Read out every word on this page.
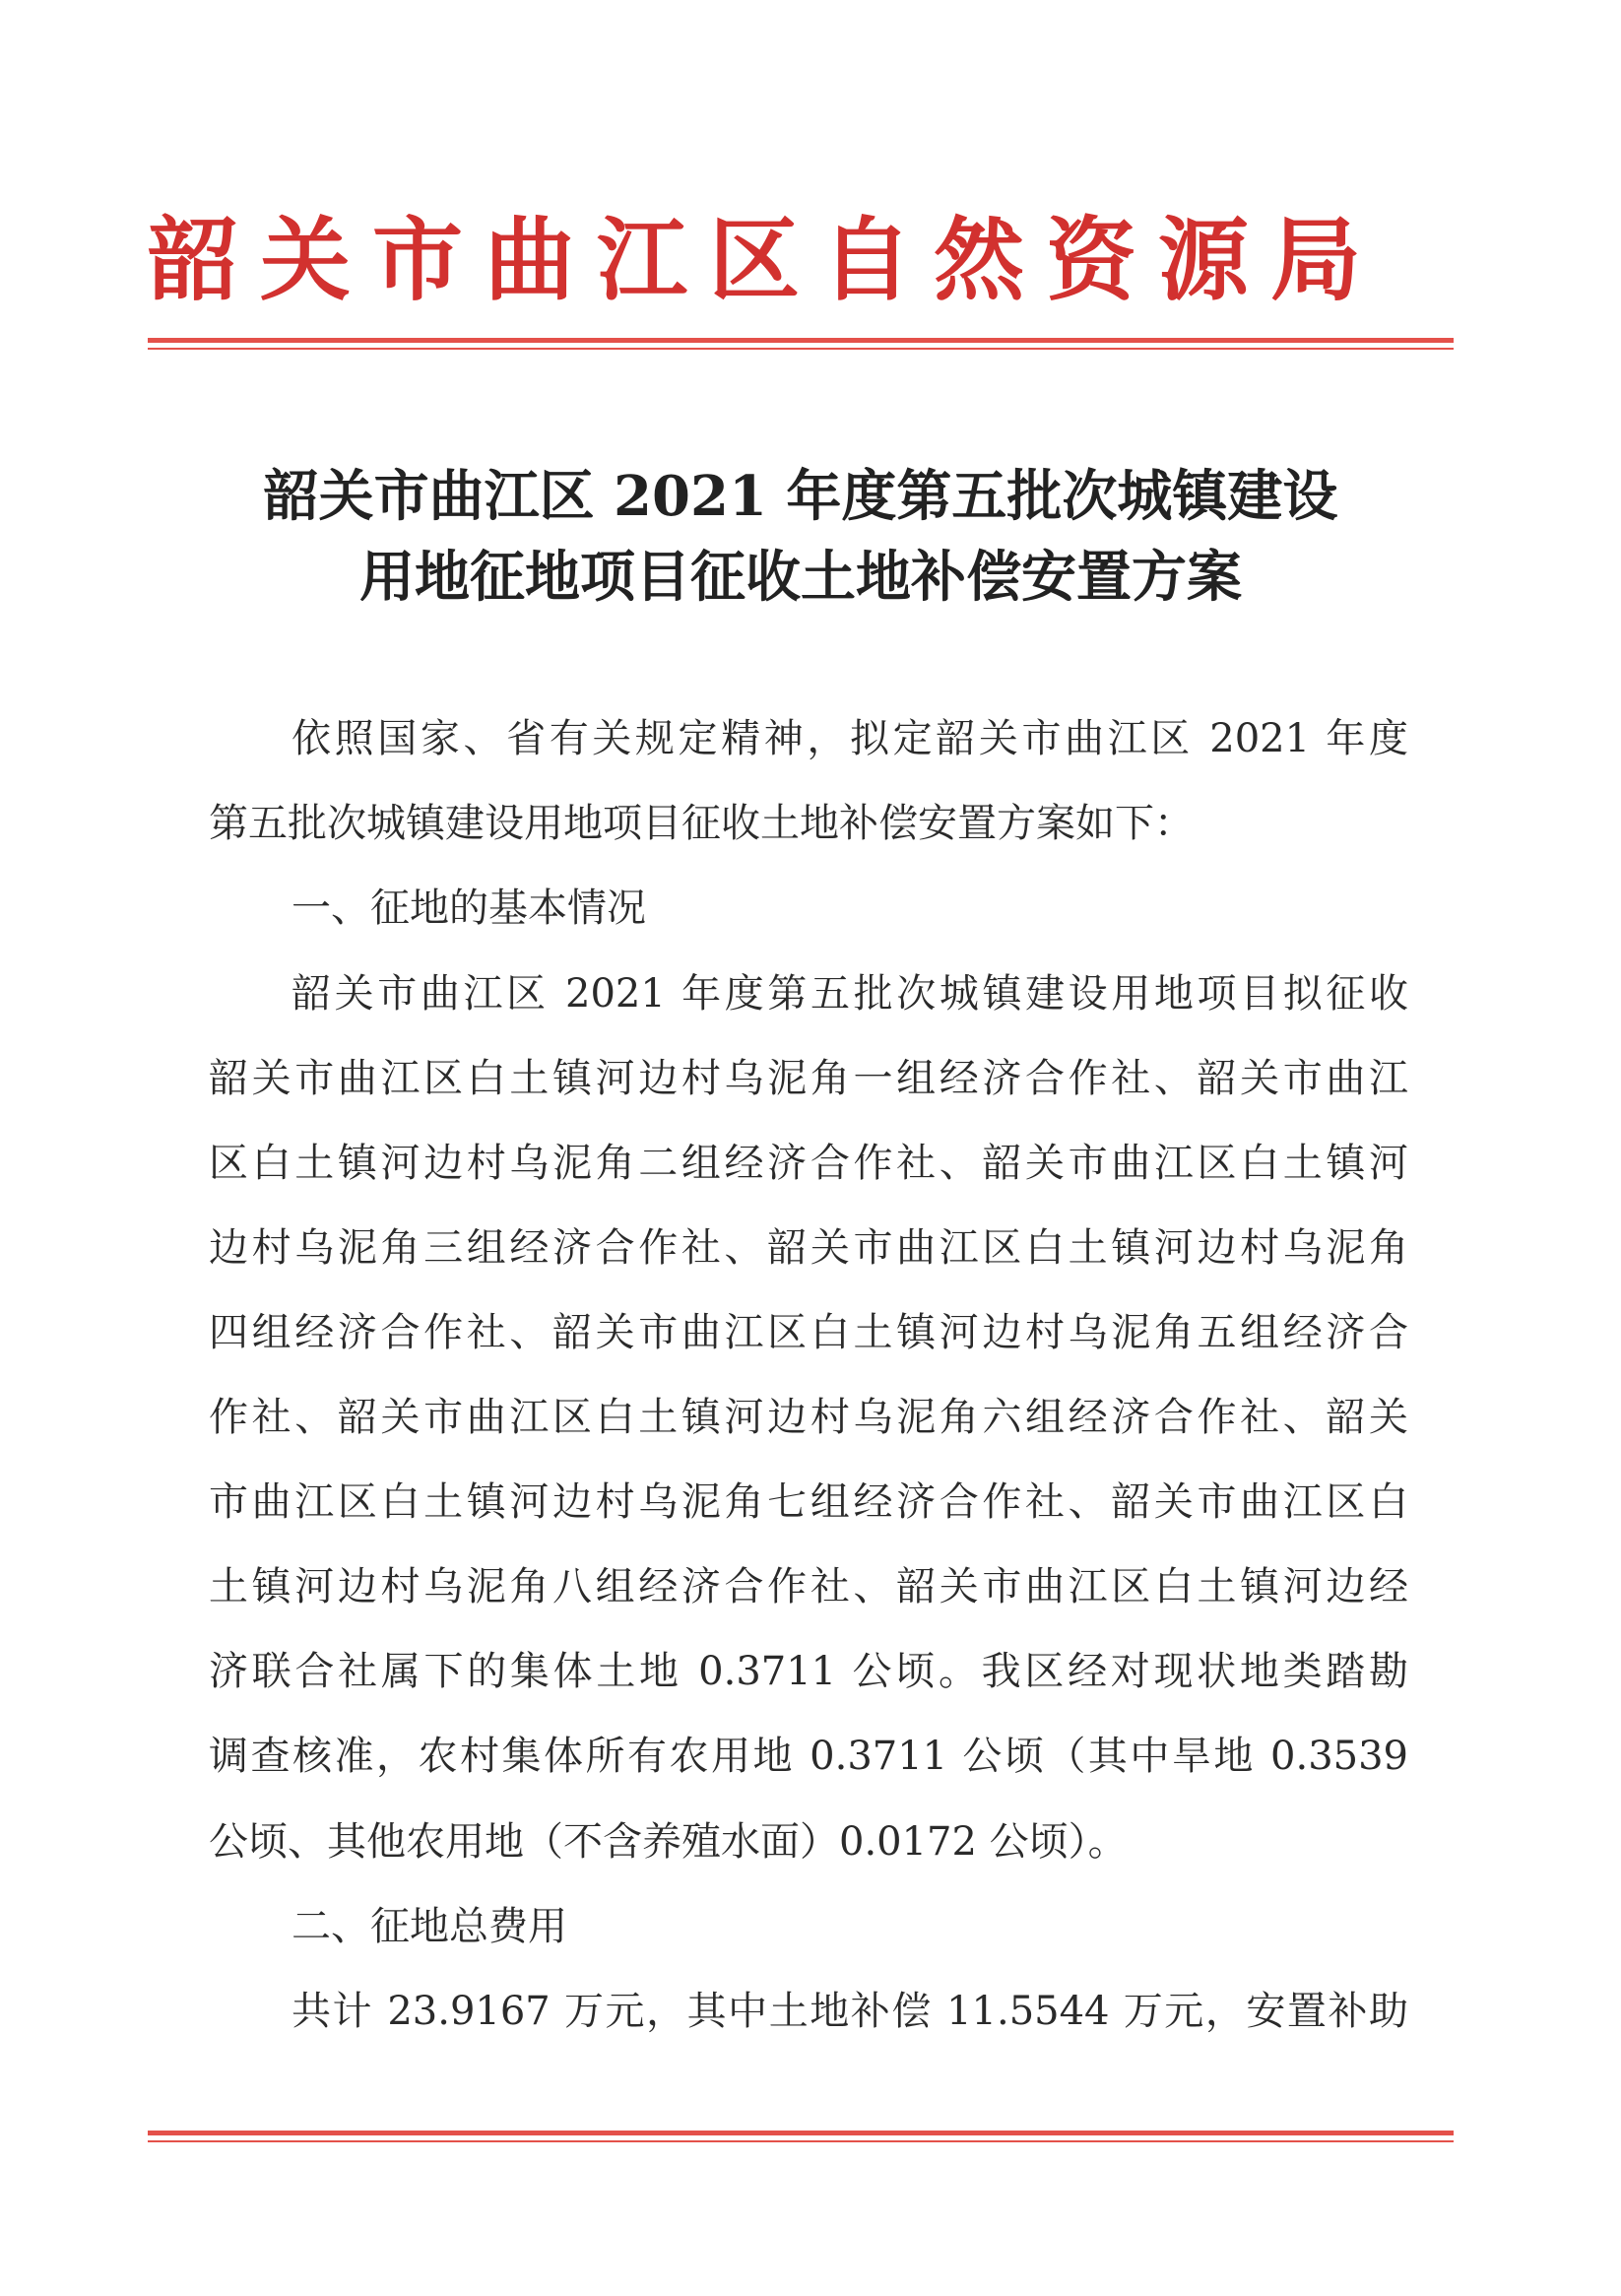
韶关市曲江区自然资源局
韶关市曲江区 2021 年度第五批次城镇建设
用地征地项目征收土地补偿安置方案
依照国家、省有关规定精神，拟定韶关市曲江区 2021 年度
第五批次城镇建设用地项目征收土地补偿安置方案如下：
一、征地的基本情况
韶关市曲江区 2021 年度第五批次城镇建设用地项目拟征收
韶关市曲江区白土镇河边村乌泥角一组经济合作社、韶关市曲江
区白土镇河边村乌泥角二组经济合作社、韶关市曲江区白土镇河
边村乌泥角三组经济合作社、韶关市曲江区白土镇河边村乌泥角
四组经济合作社、韶关市曲江区白土镇河边村乌泥角五组经济合
作社、韶关市曲江区白土镇河边村乌泥角六组经济合作社、韶关
市曲江区白土镇河边村乌泥角七组经济合作社、韶关市曲江区白
土镇河边村乌泥角八组经济合作社、韶关市曲江区白土镇河边经
济联合社属下的集体土地 0.3711 公顷。我区经对现状地类踏勘
调查核准，农村集体所有农用地 0.3711 公顷（其中旱地 0.3539
公顷、其他农用地（不含养殖水面）0.0172 公顷）。
二、征地总费用
共计 23.9167 万元，其中土地补偿 11.5544 万元，安置补助
